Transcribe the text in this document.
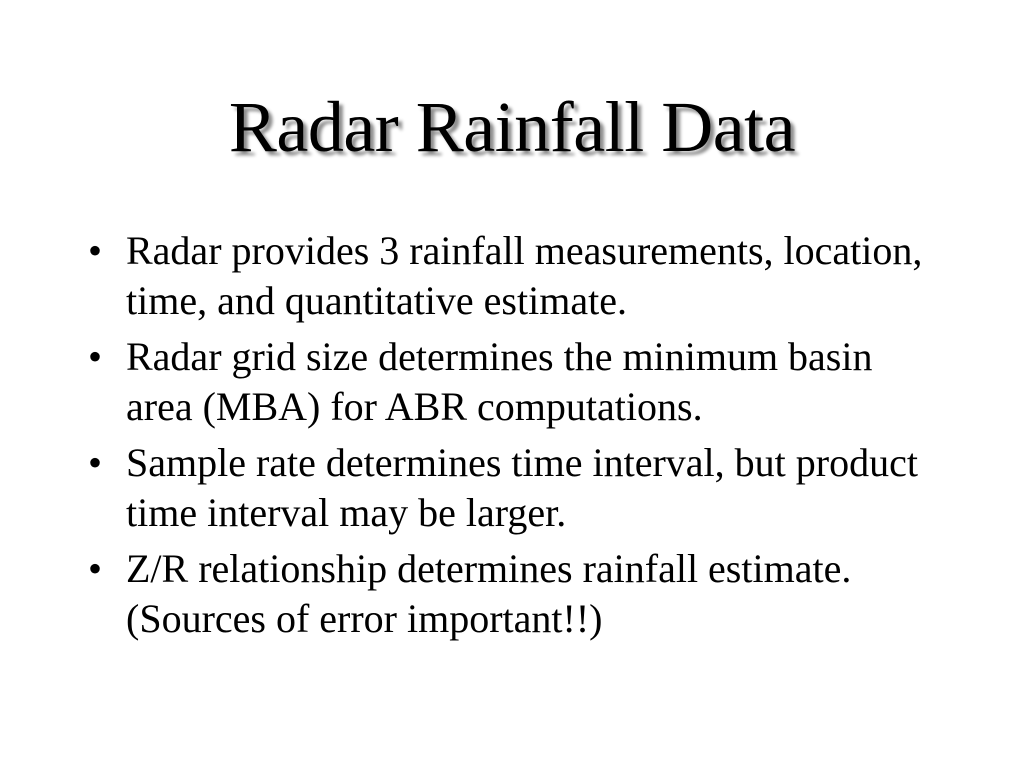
Radar Rainfall Data
• Radar provides 3 rainfall measurements, location, time, and quantitative estimate.
• Radar grid size determines the minimum basin area (MBA) for ABR computations.
• Sample rate determines time interval, but product time interval may be larger.
• Z/R relationship determines rainfall estimate. (Sources of error important!!)
